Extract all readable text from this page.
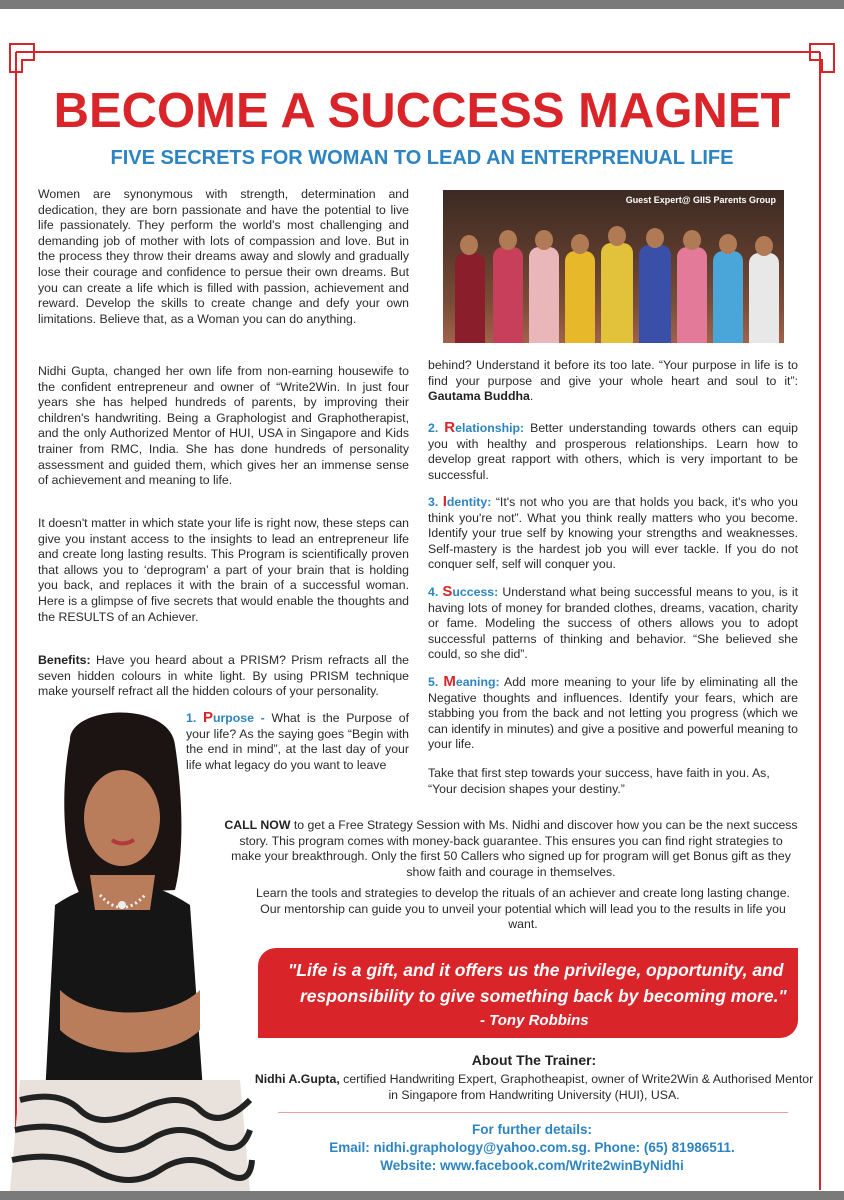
BECOME A SUCCESS MAGNET
FIVE SECRETS FOR WOMAN TO LEAD AN ENTERPRENUAL LIFE

Women are synonymous with strength, determination and dedication, they are born passionate and have the potential to live life passionately. They perform the world's most challenging and demanding job of mother with lots of compassion and love. But in the process they throw their dreams away and slowly and gradually lose their courage and confidence to persue their own dreams. But you can create a life which is filled with passion, achievement and reward. Develop the skills to create change and defy your own limitations. Believe that, as a Woman you can do anything.

Nidhi Gupta, changed her own life from non-earning housewife to the confident entrepreneur and owner of “Write2Win. In just four years she has helped hundreds of parents, by improving their children's handwriting. Being a Graphologist and Graphotherapist, and the only Authorized Mentor of HUI, USA in Singapore and Kids trainer from RMC, India. She has done hundreds of personality assessment and guided them, which gives her an immense sense of achievement and meaning to life.

It doesn't matter in which state your life is right now, these steps can give you instant access to the insights to lead an entrepreneur life and create long lasting results. This Program is scientifically proven that allows you to ‘deprogram’ a part of your brain that is holding you back, and replaces it with the brain of a successful woman. Here is a glimpse of five secrets that would enable the thoughts and the RESULTS of an Achiever.

Benefits: Have you heard about a PRISM? Prism refracts all the seven hidden colours in white light. By using PRISM technique make yourself refract all the hidden colours of your personality.

1. Purpose - What is the Purpose of your life? As the saying goes “Begin with the end in mind”, at the last day of your life what legacy do you want to leave

Guest Expert@ GIIS Parents Group

behind? Understand it before its too late. “Your purpose in life is to find your purpose and give your whole heart and soul to it”: Gautama Buddha.

2. Relationship: Better understanding towards others can equip you with healthy and prosperous relationships. Learn how to develop great rapport with others, which is very important to be successful.

3. Identity: “It's not who you are that holds you back, it's who you think you're not”. What you think really matters who you become. Identify your true self by knowing your strengths and weaknesses. Self-mastery is the hardest job you will ever tackle. If you do not conquer self, self will conquer you.

4. Success: Understand what being successful means to you, is it having lots of money for branded clothes, dreams, vacation, charity or fame. Modeling the success of others allows you to adopt successful patterns of thinking and behavior. “She believed she could, so she did”.

5. Meaning: Add more meaning to your life by eliminating all the Negative thoughts and influences. Identify your fears, which are stabbing you from the back and not letting you progress (which we can identify in minutes) and give a positive and powerful meaning to your life.

Take that first step towards your success, have faith in you. As, “Your decision shapes your destiny.”

CALL NOW to get a Free Strategy Session with Ms. Nidhi and discover how you can be the next success story. This program comes with money-back guarantee. This ensures you can find right strategies to make your breakthrough. Only the first 50 Callers who signed up for program will get Bonus gift as they show faith and courage in themselves.

Learn the tools and strategies to develop the rituals of an achiever and create long lasting change. Our mentorship can guide you to unveil your potential which will lead you to the results in life you want.

"Life is a gift, and it offers us the privilege, opportunity, and

responsibility to give something back by becoming more."

- Tony Robbins

About The Trainer:
Nidhi A.Gupta, certified Handwriting Expert, Graphotheapist, owner of Write2Win & Authorised Mentor in Singapore from Handwriting University (HUI), USA.
For further details:
Email: nidhi.graphology@yahoo.com.sg. Phone: (65) 81986511.
Website: www.facebook.com/Write2winByNidhi
